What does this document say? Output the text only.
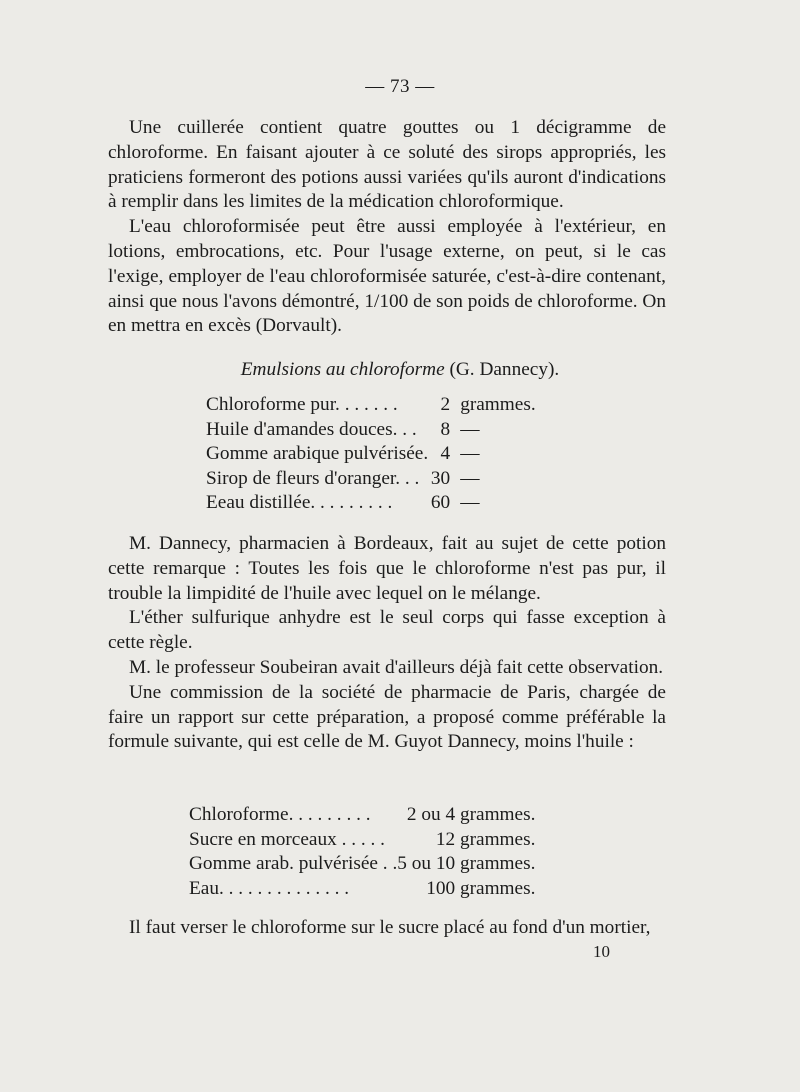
— 73 —

Une cuillerée contient quatre gouttes ou 1 décigramme de chloroforme. En faisant ajouter à ce soluté des sirops appropriés, les praticiens formeront des potions aussi variées qu'ils auront d'indications à remplir dans les limites de la médication chloroformique.

L'eau chloroformisée peut être aussi employée à l'extérieur, en lotions, embrocations, etc. Pour l'usage externe, on peut, si le cas l'exige, employer de l'eau chloroformisée saturée, c'est-à-dire contenant, ainsi que nous l'avons démontré, 1/100 de son poids de chloroforme. On en mettra en excès (Dorvault).

Emulsions au chloroforme (G. Dannecy).
Chloroforme pur. . . . . . .	2	grammes.
Huile d'amandes douces. . .	8	—
Gomme arabique pulvérisée.	4	—
Sirop de fleurs d'oranger. . .	30	—
Eeau distillée. . . . . . . . .	60	—

M. Dannecy, pharmacien à Bordeaux, fait au sujet de cette potion cette remarque : Toutes les fois que le chloroforme n'est pas pur, il trouble la limpidité de l'huile avec lequel on le mélange.

L'éther sulfurique anhydre est le seul corps qui fasse exception à cette règle.

M. le professeur Soubeiran avait d'ailleurs déjà fait cette observation.

Une commission de la société de pharmacie de Paris, chargée de faire un rapport sur cette préparation, a proposé comme préférable la formule suivante, qui est celle de M. Guyot Dannecy, moins l'huile :

Chloroforme. . . . . . . . .	2 ou 4 grammes.
Sucre en morceaux . . . . .	12 grammes.
Gomme arab. pulvérisée . .	5 ou 10 grammes.
Eau. . . . . . . . . . . . . .	100 grammes.

Il faut verser le chloroforme sur le sucre placé au fond d'un mortier,

10
